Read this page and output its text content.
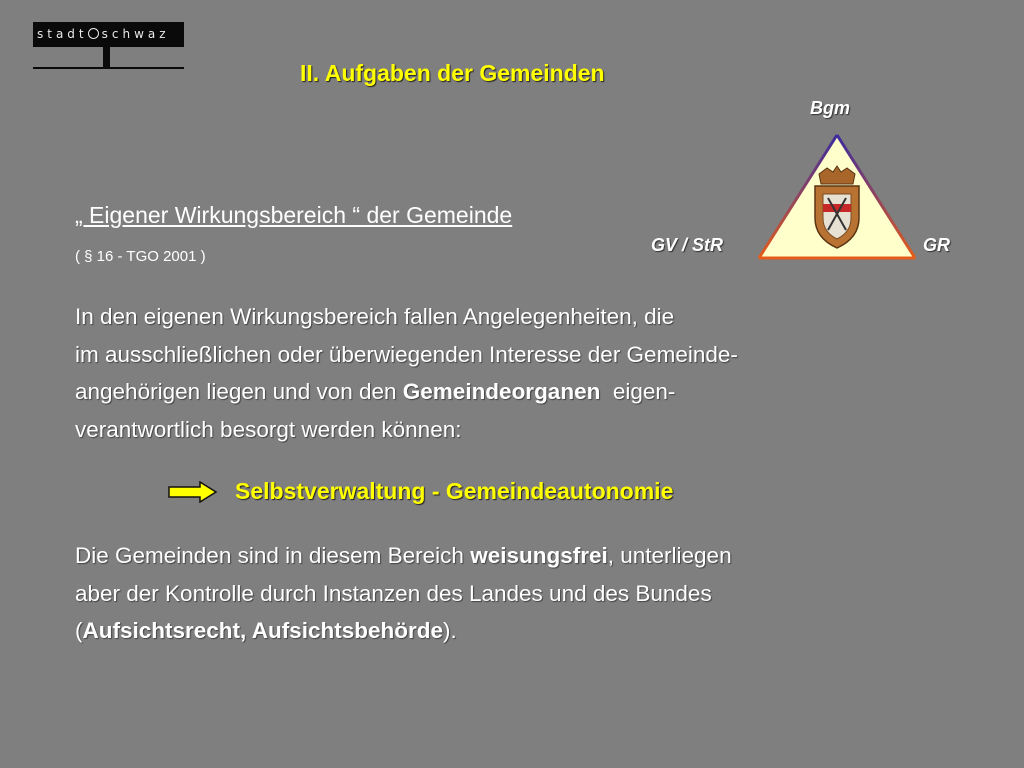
stadt schwaz
II. Aufgaben der Gemeinden
Bgm
GV / StR	GR
„ Eigener Wirkungsbereich “ der Gemeinde
( § 16 - TGO 2001 )
In den eigenen Wirkungsbereich fallen Angelegenheiten, die
im ausschließlichen oder überwiegenden Interesse der Gemeinde-
angehörigen liegen und von den Gemeindeorganen  eigen-
verantwortlich besorgt werden können:
Selbstverwaltung - Gemeindeautonomie
Die Gemeinden sind in diesem Bereich weisungsfrei, unterliegen
aber der Kontrolle durch Instanzen des Landes und des Bundes
(Aufsichtsrecht, Aufsichtsbehörde).
